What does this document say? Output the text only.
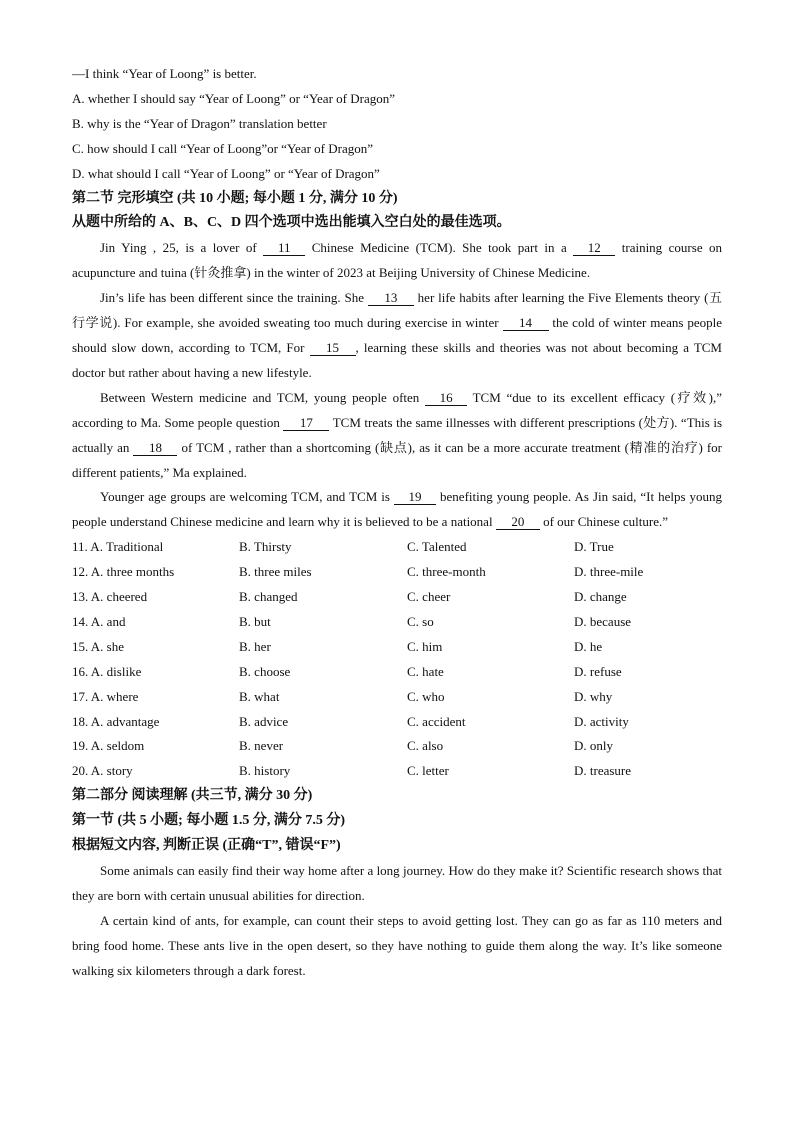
—I think “Year of Loong” is better.
A. whether I should say “Year of Loong” or “Year of Dragon”
B. why is the “Year of Dragon” translation better
C. how should I call “Year of Loong”or “Year of Dragon”
D. what should I call “Year of Loong” or “Year of Dragon”
第二节 完形填空 (共 10 小题; 每小题 1 分, 满分 10 分)
从题中所给的 A、B、C、D 四个选项中选出能填入空白处的最佳选项。
Jin Ying , 25, is a lover of 11 Chinese Medicine (TCM). She took part in a 12 training course on acupuncture and tuina (针灸推拿) in the winter of 2023 at Beijing University of Chinese Medicine.
Jin’s life has been different since the training. She 13 her life habits after learning the Five Elements theory (五行学说). For example, she avoided sweating too much during exercise in winter 14 the cold of winter means people should slow down, according to TCM, For 15 , learning these skills and theories was not about becoming a TCM doctor but rather about having a new lifestyle.
Between Western medicine and TCM, young people often 16 TCM “due to its excellent efficacy (疗效),” according to Ma. Some people question 17 TCM treats the same illnesses with different prescriptions (处方). “This is actually an 18 of TCM , rather than a shortcoming (缺点), as it can be a more accurate treatment (精准的治疗) for different patients,” Ma explained.
Younger age groups are welcoming TCM, and TCM is 19 benefiting young people. As Jin said, “It helps young people understand Chinese medicine and learn why it is believed to be a national 20 of our Chinese culture.”
11. A. Traditional	B. Thirsty	C. Talented	D. True
12. A. three months	B. three miles	C. three-month	D. three-mile
13. A. cheered	B. changed	C. cheer	D. change
14. A. and	B. but	C. so	D. because
15. A. she	B. her	C. him	D. he
16. A. dislike	B. choose	C. hate	D. refuse
17. A. where	B. what	C. who	D. why
18. A. advantage	B. advice	C. accident	D. activity
19. A. seldom	B. never	C. also	D. only
20. A. story	B. history	C. letter	D. treasure
第二部分 阅读理解 (共三节, 满分 30 分)
第一节 (共 5 小题; 每小题 1.5 分, 满分 7.5 分)
根据短文内容, 判断正误 (正确“T”, 错误“F”)
Some animals can easily find their way home after a long journey. How do they make it? Scientific research shows that they are born with certain unusual abilities for direction.
A certain kind of ants, for example, can count their steps to avoid getting lost. They can go as far as 110 meters and bring food home. These ants live in the open desert, so they have nothing to guide them along the way. It’s like someone walking six kilometers through a dark forest.
